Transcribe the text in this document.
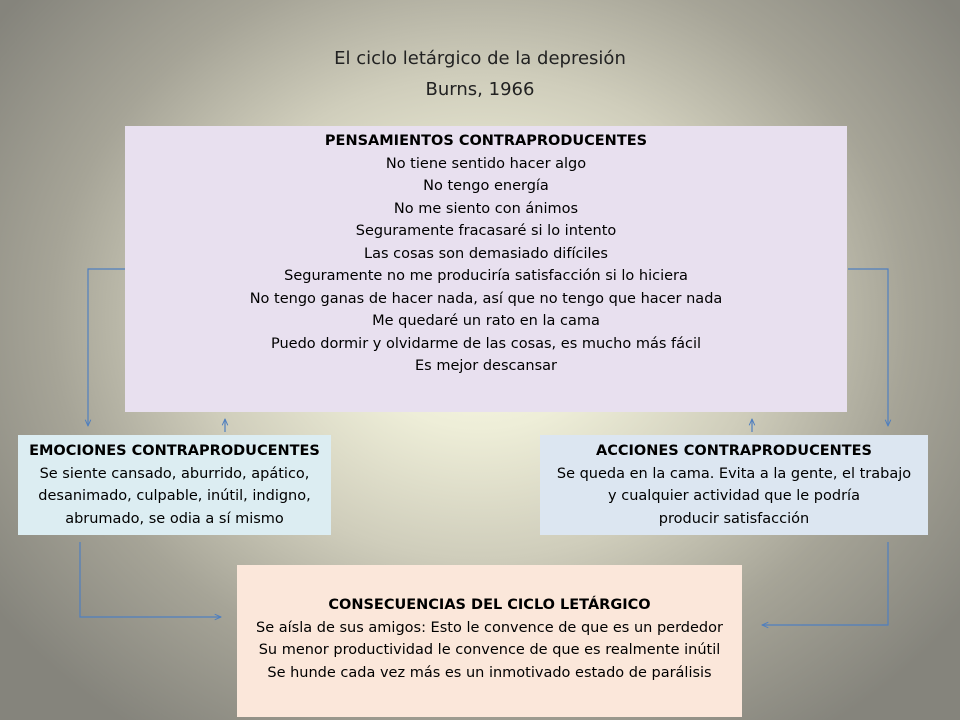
El ciclo letárgico de la depresión
Burns, 1966
PENSAMIENTOS CONTRAPRODUCENTES
No tiene sentido hacer algo
No tengo energía
No me siento con ánimos
Seguramente fracasaré si lo intento
Las cosas son demasiado difíciles
Seguramente no me produciría satisfacción si lo hiciera
No tengo ganas de hacer nada, así que no tengo que hacer nada
Me quedaré un rato en la cama
Puedo dormir y olvidarme de las cosas, es mucho más fácil
Es mejor descansar
EMOCIONES CONTRAPRODUCENTES
Se siente cansado, aburrido, apático,
desanimado, culpable, inútil, indigno,
abrumado, se odia a sí mismo
ACCIONES CONTRAPRODUCENTES
Se queda en la cama. Evita a la gente, el trabajo
y cualquier actividad que le podría
producir satisfacción
CONSECUENCIAS DEL CICLO LETÁRGICO
Se aísla de sus amigos: Esto le convence de que es un perdedor
Su menor productividad le convence de que es realmente inútil
Se hunde cada vez más es un inmotivado estado de parálisis
